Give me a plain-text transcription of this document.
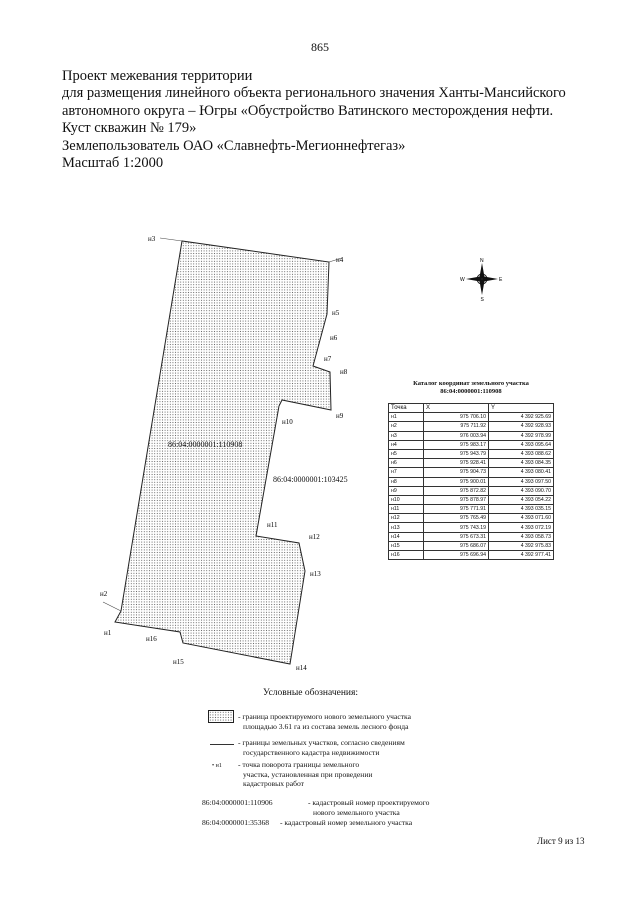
865
Проект межевания территории
для размещения линейного объекта регионального значения Ханты-Мансийского
автономного округа – Югры «Обустройство Ватинского месторождения нефти.
Куст скважин № 179»
Землепользователь ОАО «Славнефть-Мегионнефтегаз»
Масштаб 1:2000
86:04:0000001:110908
86:04:0000001:103425
н3
н4
н5
н6
н7
н8
н9
н10
н11
н12
н13
н14
н15
н16
н2
н1
N
S
W	E
Каталог координат земельного участка
86:04:0000001:110908
Точка	X	Y
н1	975 706.10	4 392 925.69
н2	975 711.92	4 392 928.93
н3	976 003.94	4 392 978.99
н4	975 983.17	4 393 095.64
н5	975 943.79	4 393 088.62
н6	975 928.41	4 393 084.35
н7	975 904.73	4 393 080.41
н8	975 900.01	4 393 097.50
н9	975 872.82	4 393 090.70
н10	975 878.97	4 393 054.22
н11	975 771.91	4 393 035.15
н12	975 765.49	4 393 071.60
н13	975 743.19	4 393 072.19
н14	975 673.31	4 393 058.73
н15	975 686.07	4 392 975.83
н16	975 696.94	4 392 977.41
Условные обозначения:
- граница проектируемого нового земельного участка
площадью 3.61 га из состава земель лесного фонда
- границы земельных участков, согласно сведениям
государственного кадастра недвижимости
• н1 - точка поворота границы земельного
участка, установленная при проведении
кадастровых работ
86:04:0000001:110906	- кадастровый номер проектируемого
нового земельного участка
86:04:0000001:35368 - кадастровый номер земельного участка
Лист 9 из 13
